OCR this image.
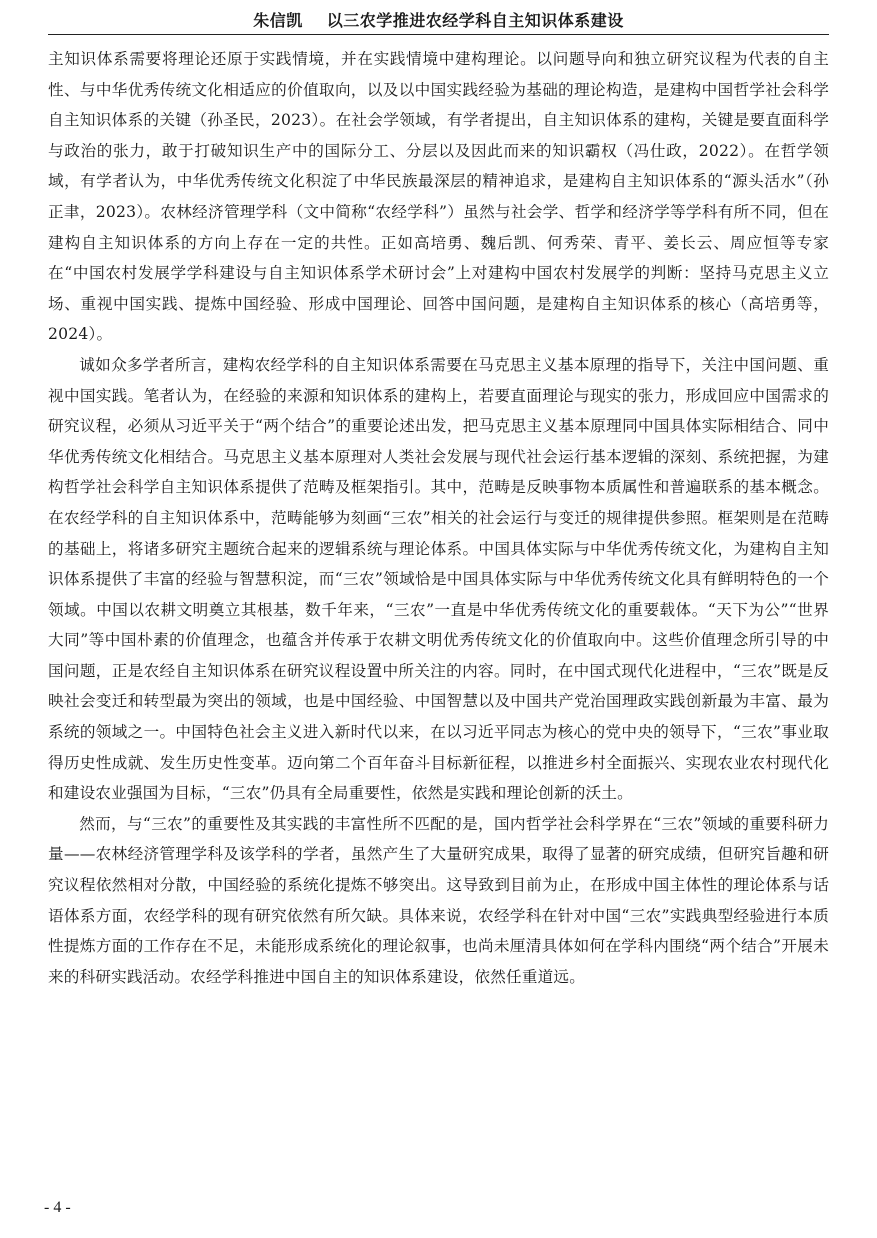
朱信凯 以三农学推进农经学科自主知识体系建设

主知识体系需要将理论还原于实践情境，并在实践情境中建构理论。以问题导向和独立研究议程为代表的自主性、与中华优秀传统文化相适应的价值取向，以及以中国实践经验为基础的理论构造，是建构中国哲学社会科学自主知识体系的关键（孙圣民，2023）。在社会学领域，有学者提出，自主知识体系的建构，关键是要直面科学与政治的张力，敢于打破知识生产中的国际分工、分层以及因此而来的知识霸权（冯仕政，2022）。在哲学领域，有学者认为，中华优秀传统文化积淀了中华民族最深层的精神追求，是建构自主知识体系的“源头活水”（孙正聿，2023）。农林经济管理学科（文中简称“农经学科”）虽然与社会学、哲学和经济学等学科有所不同，但在建构自主知识体系的方向上存在一定的共性。正如高培勇、魏后凯、何秀荣、青平、姜长云、周应恒等专家在“中国农村发展学学科建设与自主知识体系学术研讨会”上对建构中国农村发展学的判断：坚持马克思主义立场、重视中国实践、提炼中国经验、形成中国理论、回答中国问题，是建构自主知识体系的核心（高培勇等，2024）。

诚如众多学者所言，建构农经学科的自主知识体系需要在马克思主义基本原理的指导下，关注中国问题、重视中国实践。笔者认为，在经验的来源和知识体系的建构上，若要直面理论与现实的张力，形成回应中国需求的研究议程，必须从习近平关于“两个结合”的重要论述出发，把马克思主义基本原理同中国具体实际相结合、同中华优秀传统文化相结合。马克思主义基本原理对人类社会发展与现代社会运行基本逻辑的深刻、系统把握，为建构哲学社会科学自主知识体系提供了范畴及框架指引。其中，范畴是反映事物本质属性和普遍联系的基本概念。在农经学科的自主知识体系中，范畴能够为刻画“三农”相关的社会运行与变迁的规律提供参照。框架则是在范畴的基础上，将诸多研究主题统合起来的逻辑系统与理论体系。中国具体实际与中华优秀传统文化，为建构自主知识体系提供了丰富的经验与智慧积淀，而“三农”领域恰是中国具体实际与中华优秀传统文化具有鲜明特色的一个领域。中国以农耕文明奠立其根基，数千年来，“三农”一直是中华优秀传统文化的重要载体。“天下为公”“世界大同”等中国朴素的价值理念，也蕴含并传承于农耕文明优秀传统文化的价值取向中。这些价值理念所引导的中国问题，正是农经自主知识体系在研究议程设置中所关注的内容。同时，在中国式现代化进程中，“三农”既是反映社会变迁和转型最为突出的领域，也是中国经验、中国智慧以及中国共产党治国理政实践创新最为丰富、最为系统的领域之一。中国特色社会主义进入新时代以来，在以习近平同志为核心的党中央的领导下，“三农”事业取得历史性成就、发生历史性变革。迈向第二个百年奋斗目标新征程，以推进乡村全面振兴、实现农业农村现代化和建设农业强国为目标，“三农”仍具有全局重要性，依然是实践和理论创新的沃土。

然而，与“三农”的重要性及其实践的丰富性所不匹配的是，国内哲学社会科学界在“三农”领域的重要科研力量——农林经济管理学科及该学科的学者，虽然产生了大量研究成果，取得了显著的研究成绩，但研究旨趣和研究议程依然相对分散，中国经验的系统化提炼不够突出。这导致到目前为止，在形成中国主体性的理论体系与话语体系方面，农经学科的现有研究依然有所欠缺。具体来说，农经学科在针对中国“三农”实践典型经验进行本质性提炼方面的工作存在不足，未能形成系统化的理论叙事，也尚未厘清具体如何在学科内围绕“两个结合”开展未来的科研实践活动。农经学科推进中国自主的知识体系建设，依然任重道远。

- 4 -
